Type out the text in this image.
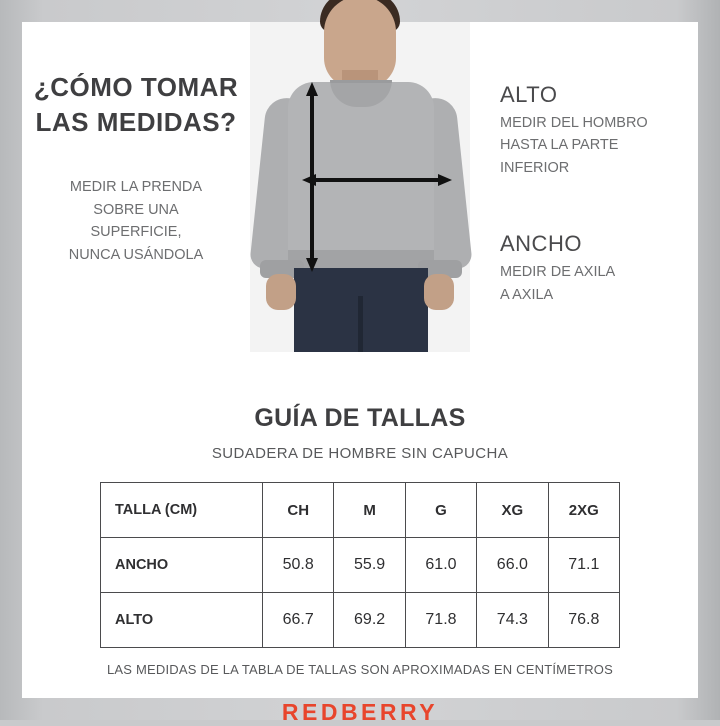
¿CÓMO TOMAR
LAS MEDIDAS?
MEDIR LA PRENDA
SOBRE UNA
SUPERFICIE,
NUNCA USÁNDOLA
ALTO
MEDIR DEL HOMBRO
HASTA LA PARTE
INFERIOR
ANCHO
MEDIR DE AXILA
A AXILA
GUÍA DE TALLAS
SUDADERA DE HOMBRE SIN CAPUCHA
TALLA (CM)	CH	M	G	XG	2XG
ANCHO	50.8	55.9	61.0	66.0	71.1
ALTO	66.7	69.2	71.8	74.3	76.8
LAS MEDIDAS DE LA TABLA DE TALLAS SON APROXIMADAS EN CENTÍMETROS
REDBERRY
